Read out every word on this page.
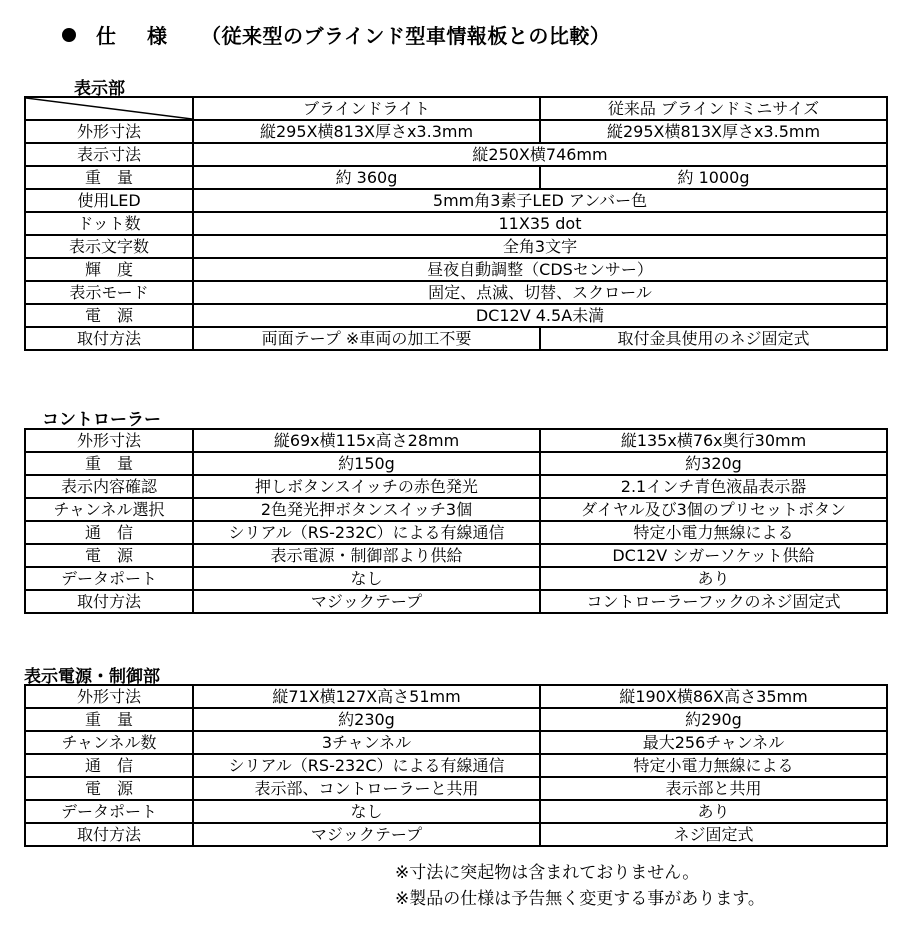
仕 様 （従来型のブラインド型車情報板との比較）
表示部
	ブラインドライト	従来品 ブラインドミニサイズ
外形寸法	縦295X横813X厚さx3.3mm	縦295X横813X厚さx3.5mm
表示寸法	縦250X横746mm	
重　量	約 360g	約 1000g
使用LED	5mm角3素子LED アンバー色	
ドット数	11X35 dot	
表示文字数	全角3文字	
輝　度	昼夜自動調整（CDSセンサー）	
表示モード	固定、点滅、切替、スクロール	
電　源	DC12V 4.5A未満	
取付方法	両面テープ ※車両の加工不要	取付金具使用のネジ固定式
コントローラー
外形寸法	縦69x横115x高さ28mm	縦135x横76x奥行30mm
重　量	約150g	約320g
表示内容確認	押しボタンスイッチの赤色発光	2.1インチ青色液晶表示器
チャンネル選択	2色発光押ボタンスイッチ3個	ダイヤル及び3個のプリセットボタン
通　信	シリアル（RS-232C）による有線通信	特定小電力無線による
電　源	表示電源・制御部より供給	DC12V シガーソケット供給
データポート	なし	あり
取付方法	マジックテープ	コントローラーフックのネジ固定式
表示電源・制御部
外形寸法	縦71X横127X高さ51mm	縦190X横86X高さ35mm
重　量	約230g	約290g
チャンネル数	3チャンネル	最大256チャンネル
通　信	シリアル（RS-232C）による有線通信	特定小電力無線による
電　源	表示部、コントローラーと共用	表示部と共用
データポート	なし	あり
取付方法	マジックテープ	ネジ固定式
※寸法に突起物は含まれておりません。
※製品の仕様は予告無く変更する事があります。
